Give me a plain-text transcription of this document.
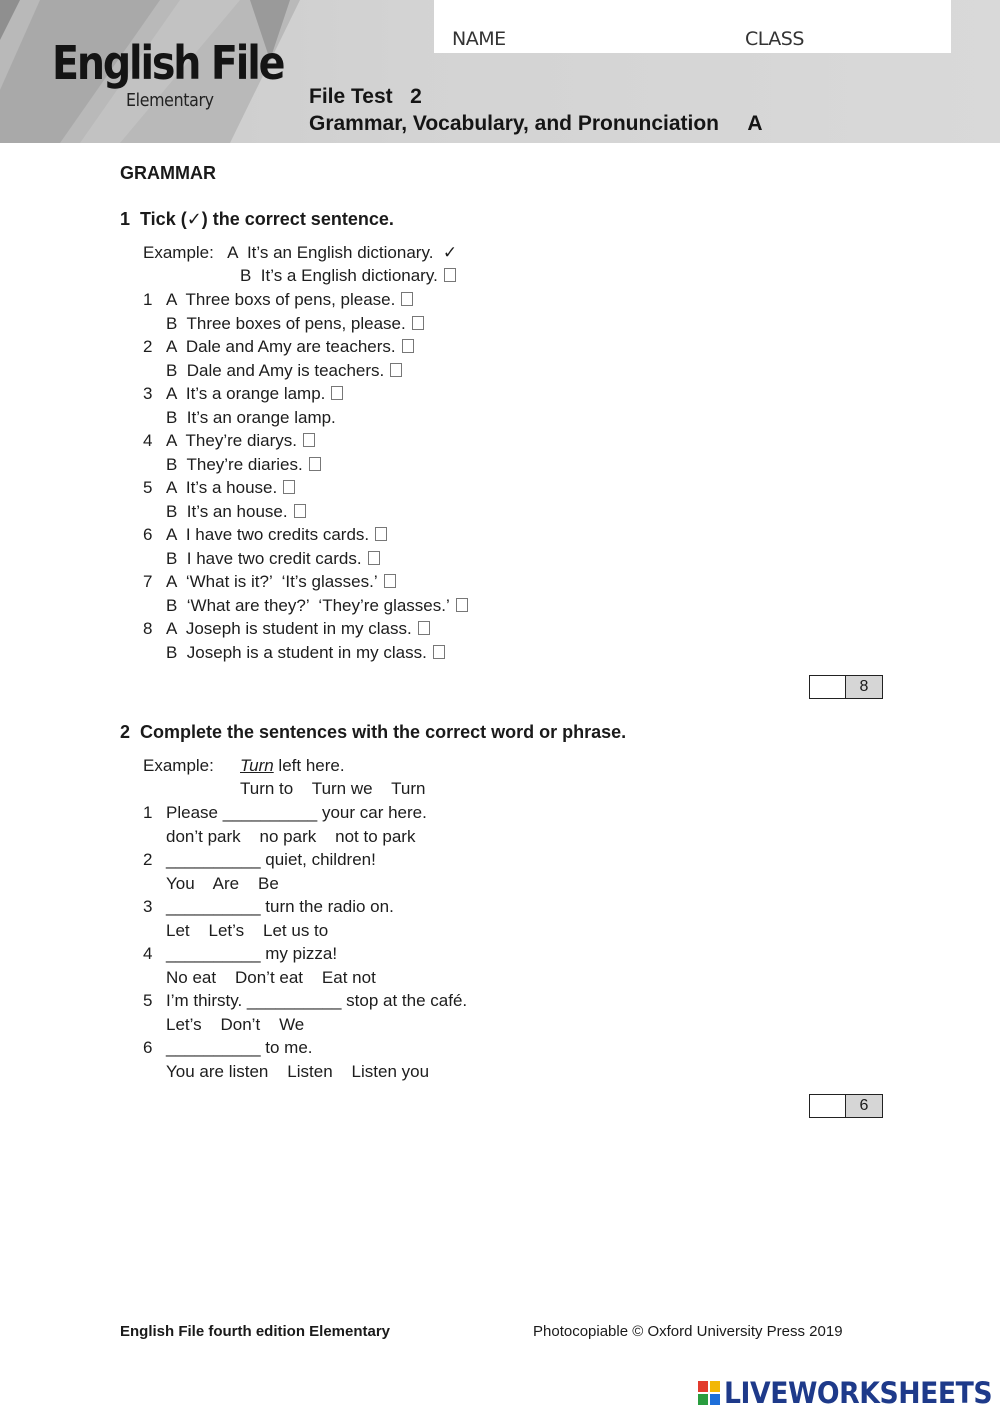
NAME	CLASS
English File
Elementary	File Test   2
Grammar, Vocabulary, and Pronunciation     A
GRAMMAR
1  Tick (✓) the correct sentence.
Example:   A  It’s an English dictionary.  ✓
B  It’s a English dictionary.
1 A  Three boxs of pens, please.
B  Three boxes of pens, please.
2 A  Dale and Amy are teachers.
B  Dale and Amy is teachers.
3 A  It’s a orange lamp.
B  It’s an orange lamp.
4 A  They’re diarys.
B  They’re diaries.
5 A  It’s a house.
B  It’s an house.
6 A  I have two credits cards.
B  I have two credit cards.
7 A  ‘What is it?’  ‘It’s glasses.’
B  ‘What are they?’  ‘They’re glasses.’
8 A  Joseph is student in my class.
B  Joseph is a student in my class.
8
2  Complete the sentences with the correct word or phrase.
Example: Turn left here.
Turn to    Turn we    Turn
1 Please __________ your car here.
don’t park    no park    not to park
2 __________ quiet, children!
You    Are    Be
3 __________ turn the radio on.
Let    Let’s    Let us to
4 __________ my pizza!
No eat    Don’t eat    Eat not
5 I’m thirsty. __________ stop at the café.
Let’s    Don’t    We
6 __________ to me.
You are listen    Listen    Listen you
6
English File fourth edition Elementary	Photocopiable © Oxford University Press 2019
LIVEWORKSHEETS
